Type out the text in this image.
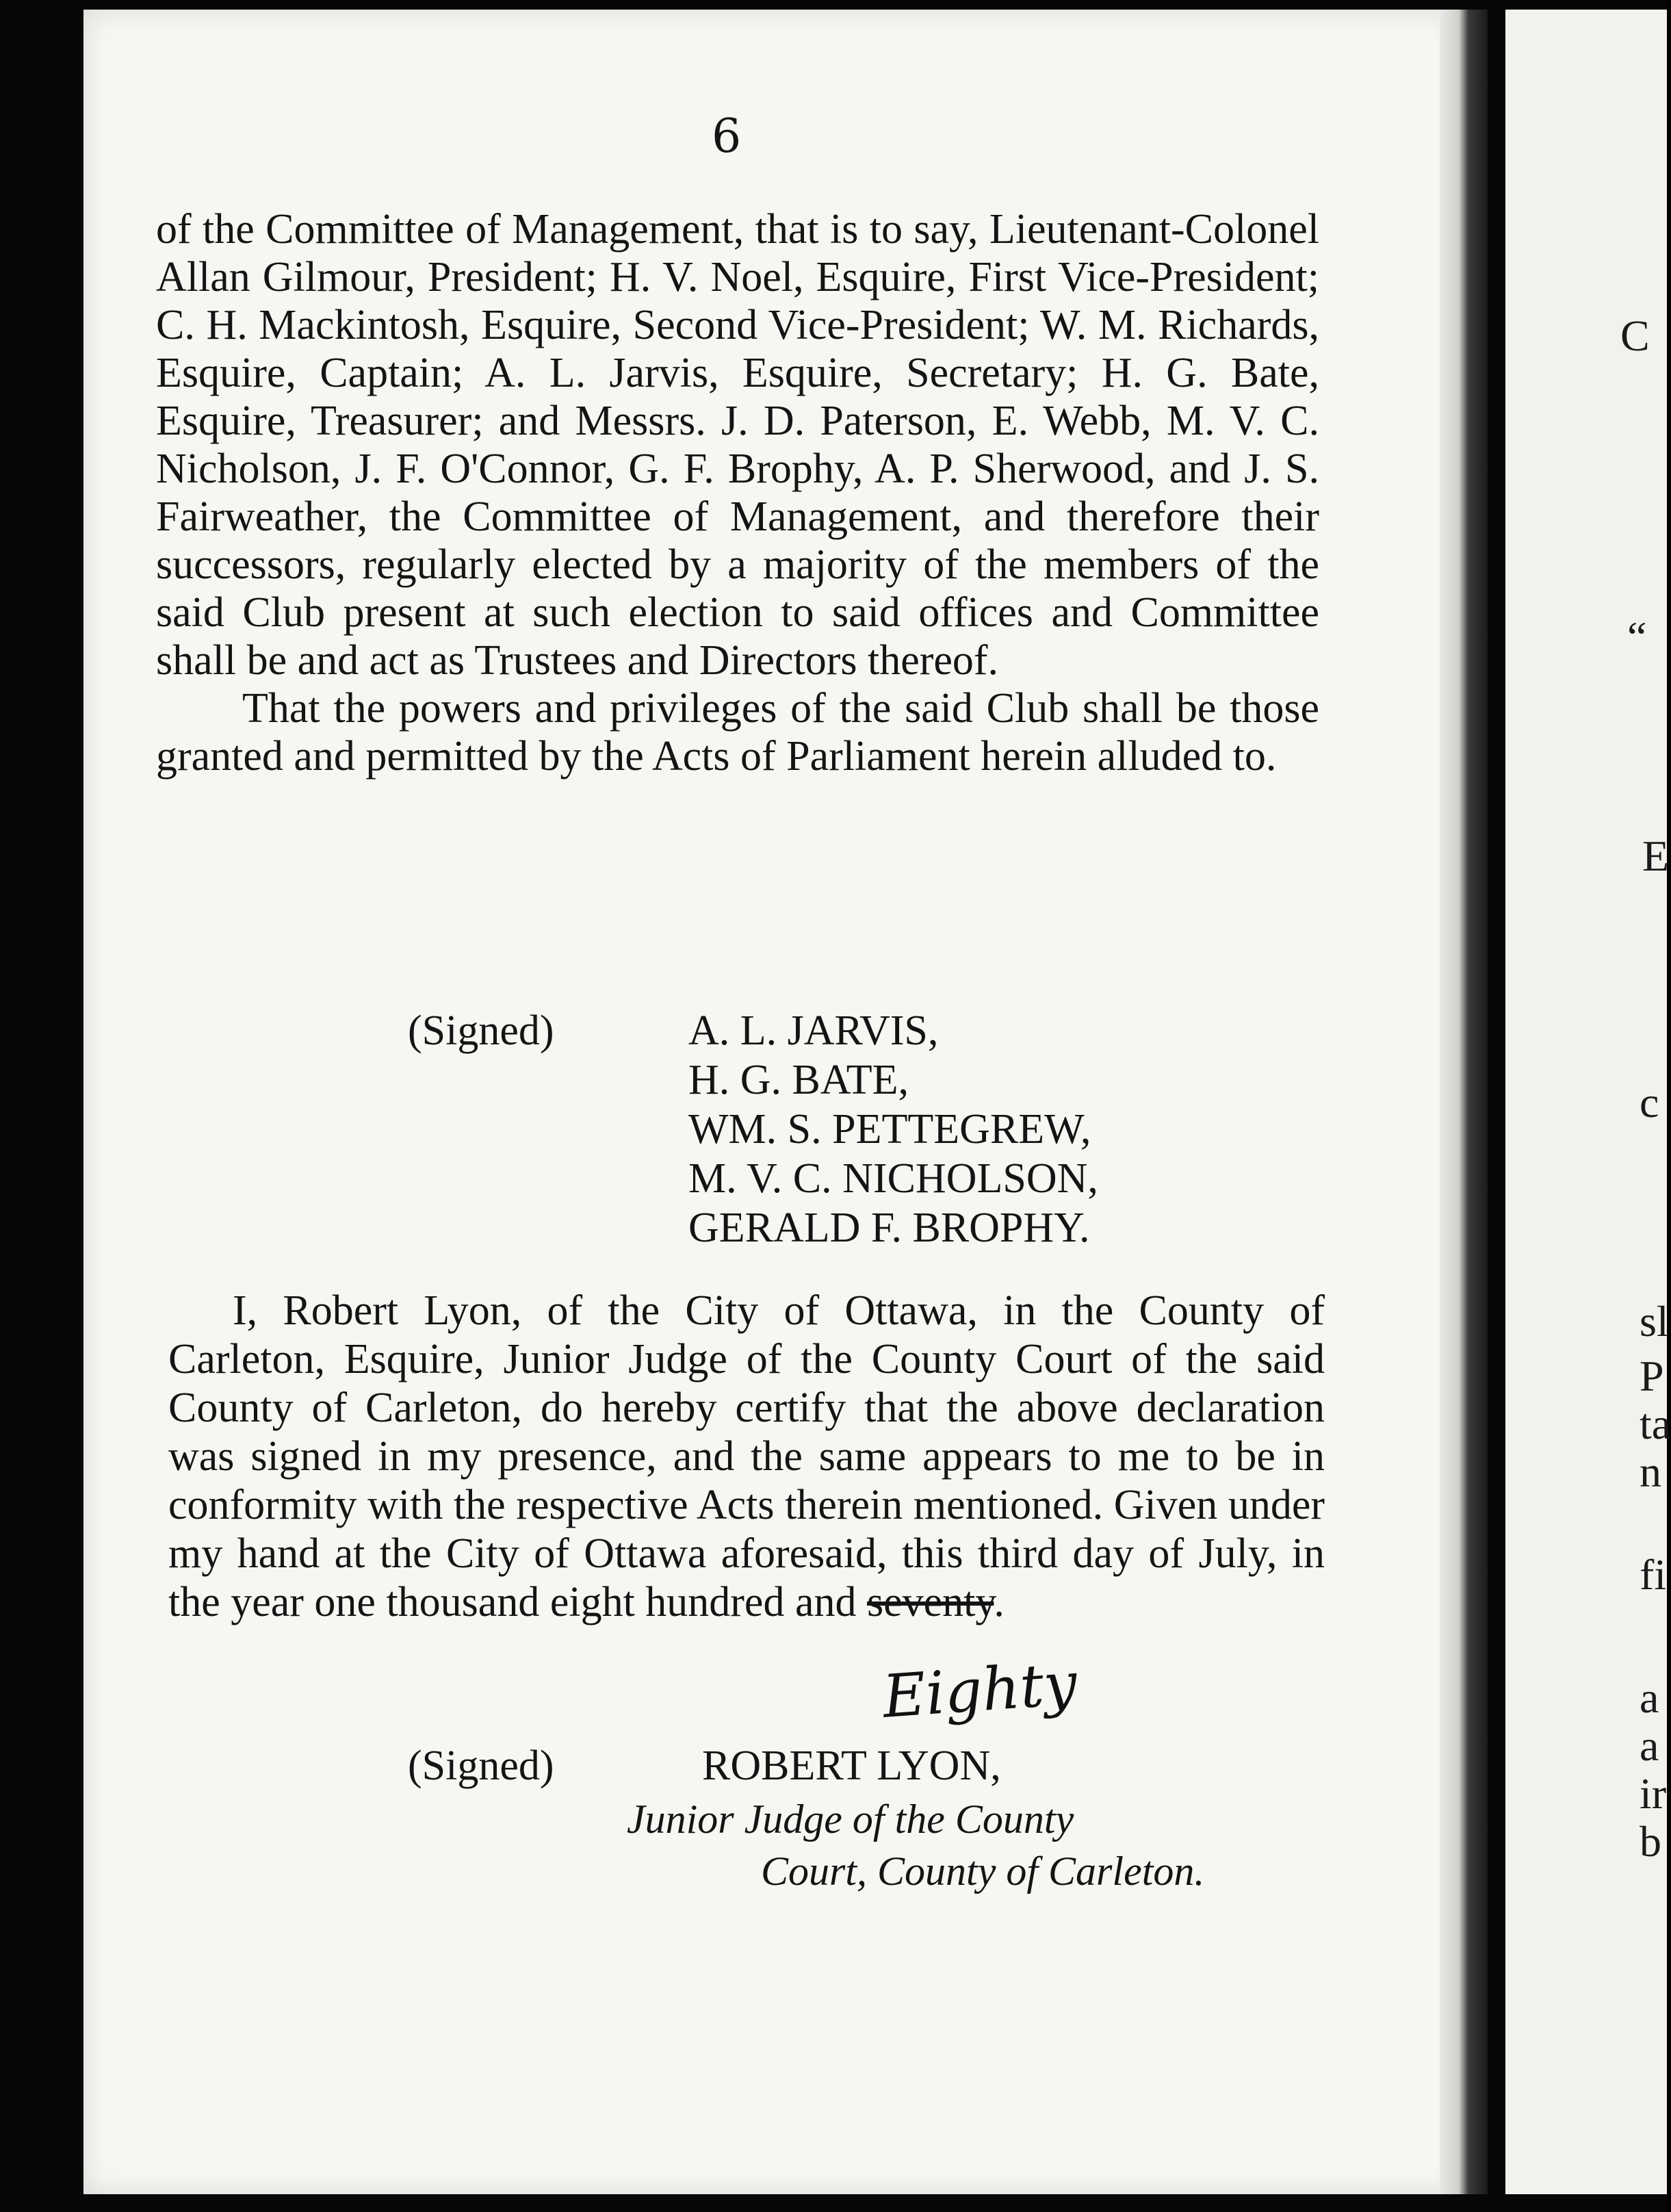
C
“
E
c
sl
P
ta
n
fi
a
a
ir
b
6

of the Committee of Management, that is to say, Lieutenant-Colonel Allan Gilmour, President; H. V. Noel, Esquire, First Vice-President; C. H. Mackintosh, Esquire, Second Vice-President; W. M. Richards, Esquire, Captain; A. L. Jarvis, Esquire, Secretary; H. G. Bate, Esquire, Treasurer; and Messrs. J. D. Paterson, E. Webb, M. V. C. Nicholson, J. F. O'Connor, G. F. Brophy, A. P. Sherwood, and J. S. Fairweather, the Committee of Management, and therefore their successors, regularly elected by a majority of the members of the said Club present at such election to said offices and Committee shall be and act as Trustees and Directors thereof.

That the powers and privileges of the said Club shall be those granted and permitted by the Acts of Parliament herein alluded to.

(Signed)	A. L. JARVIS,
H. G. BATE,
WM. S. PETTEGREW,
M. V. C. NICHOLSON,
GERALD F. BROPHY.

I, Robert Lyon, of the City of Ottawa, in the County of Carleton, Esquire, Junior Judge of the County Court of the said County of Carleton, do hereby certify that the above declaration was signed in my presence, and the same appears to me to be in conformity with the respective Acts therein mentioned. Given under my hand at the City of Ottawa aforesaid, this third day of July, in the year one thousand eight hundred and seventy.

Eighty
(Signed)	ROBERT LYON,
Junior Judge of the County
Court, County of Carleton.
